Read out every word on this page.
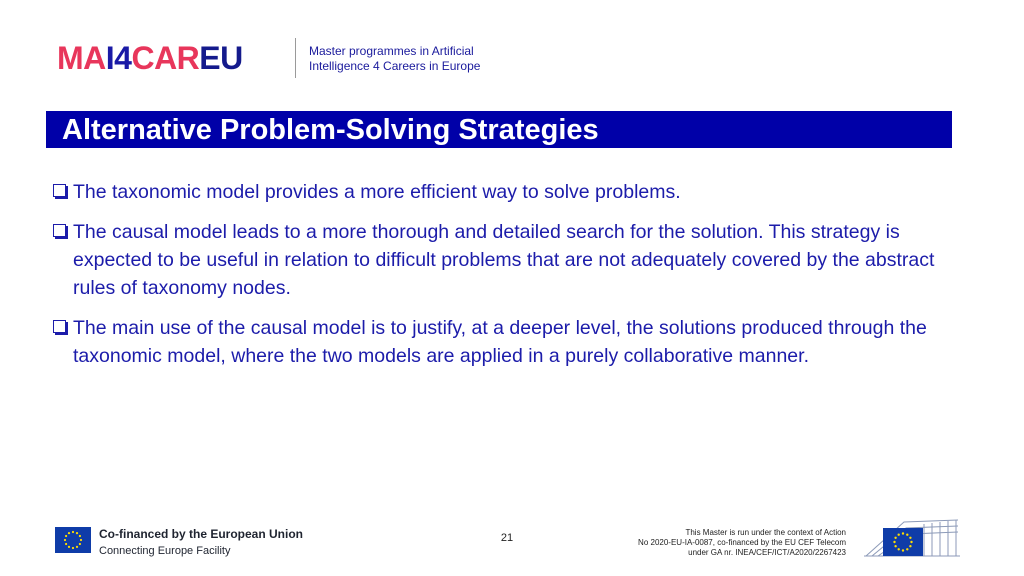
MAI4CAREU	Master programmes in Artificial
Intelligence 4 Careers in Europe
Alternative Problem-Solving Strategies
The taxonomic model provides a more efficient way to solve problems.
The causal model leads to a more thorough and detailed search for the solution. This strategy is expected to be useful in relation to difficult problems that are not adequately covered by the abstract rules of taxonomy nodes.
The main use of the causal model is to justify, at a deeper level, the solutions produced through the taxonomic model, where the two models are applied in a purely collaborative manner.
Co-financed by the European Union
Connecting Europe Facility
21	This Master is run under the context of Action
No 2020-EU-IA-0087, co-financed by the EU CEF Telecom
under GA nr. INEA/CEF/ICT/A2020/2267423
